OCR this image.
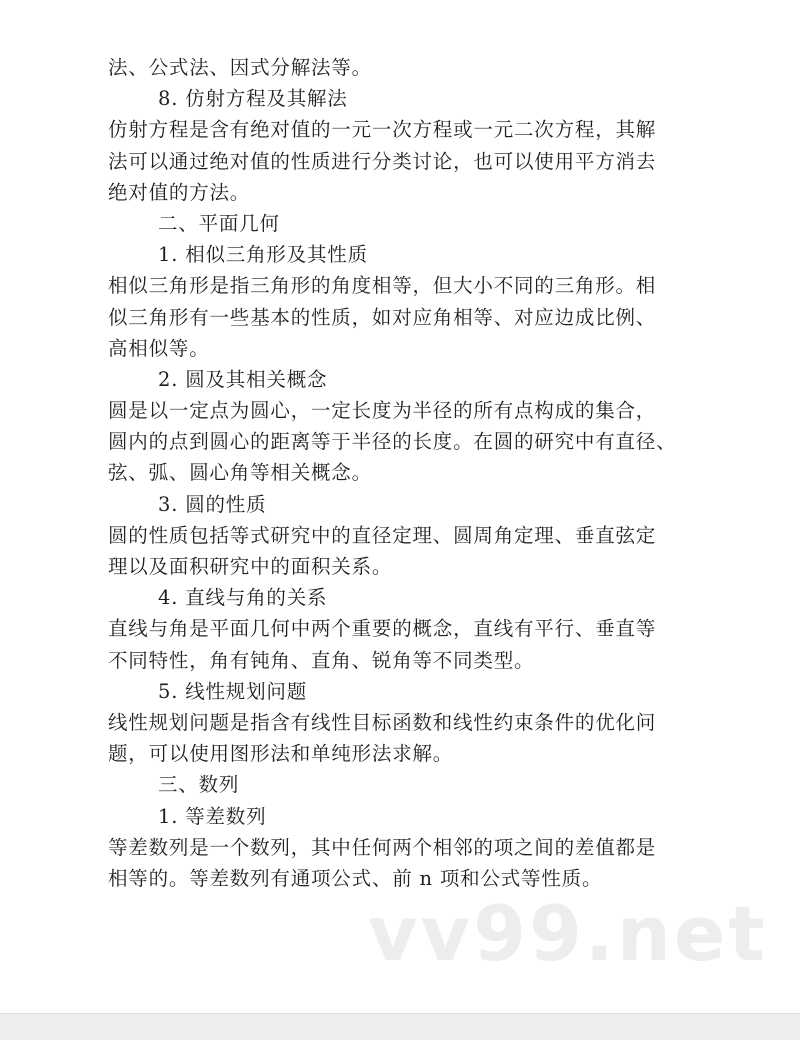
法、公式法、因式分解法等。
8. 仿射方程及其解法
仿射方程是含有绝对值的一元一次方程或一元二次方程，其解
法可以通过绝对值的性质进行分类讨论，也可以使用平方消去
绝对值的方法。
二、平面几何
1. 相似三角形及其性质
相似三角形是指三角形的角度相等，但大小不同的三角形。相
似三角形有一些基本的性质，如对应角相等、对应边成比例、
高相似等。
2. 圆及其相关概念
圆是以一定点为圆心，一定长度为半径的所有点构成的集合，
圆内的点到圆心的距离等于半径的长度。在圆的研究中有直径、
弦、弧、圆心角等相关概念。
3. 圆的性质
圆的性质包括等式研究中的直径定理、圆周角定理、垂直弦定
理以及面积研究中的面积关系。
4. 直线与角的关系
直线与角是平面几何中两个重要的概念，直线有平行、垂直等
不同特性，角有钝角、直角、锐角等不同类型。
5. 线性规划问题
线性规划问题是指含有线性目标函数和线性约束条件的优化问
题，可以使用图形法和单纯形法求解。
三、数列
1. 等差数列
等差数列是一个数列，其中任何两个相邻的项之间的差值都是
相等的。等差数列有通项公式、前 n 项和公式等性质。
vv99.net
